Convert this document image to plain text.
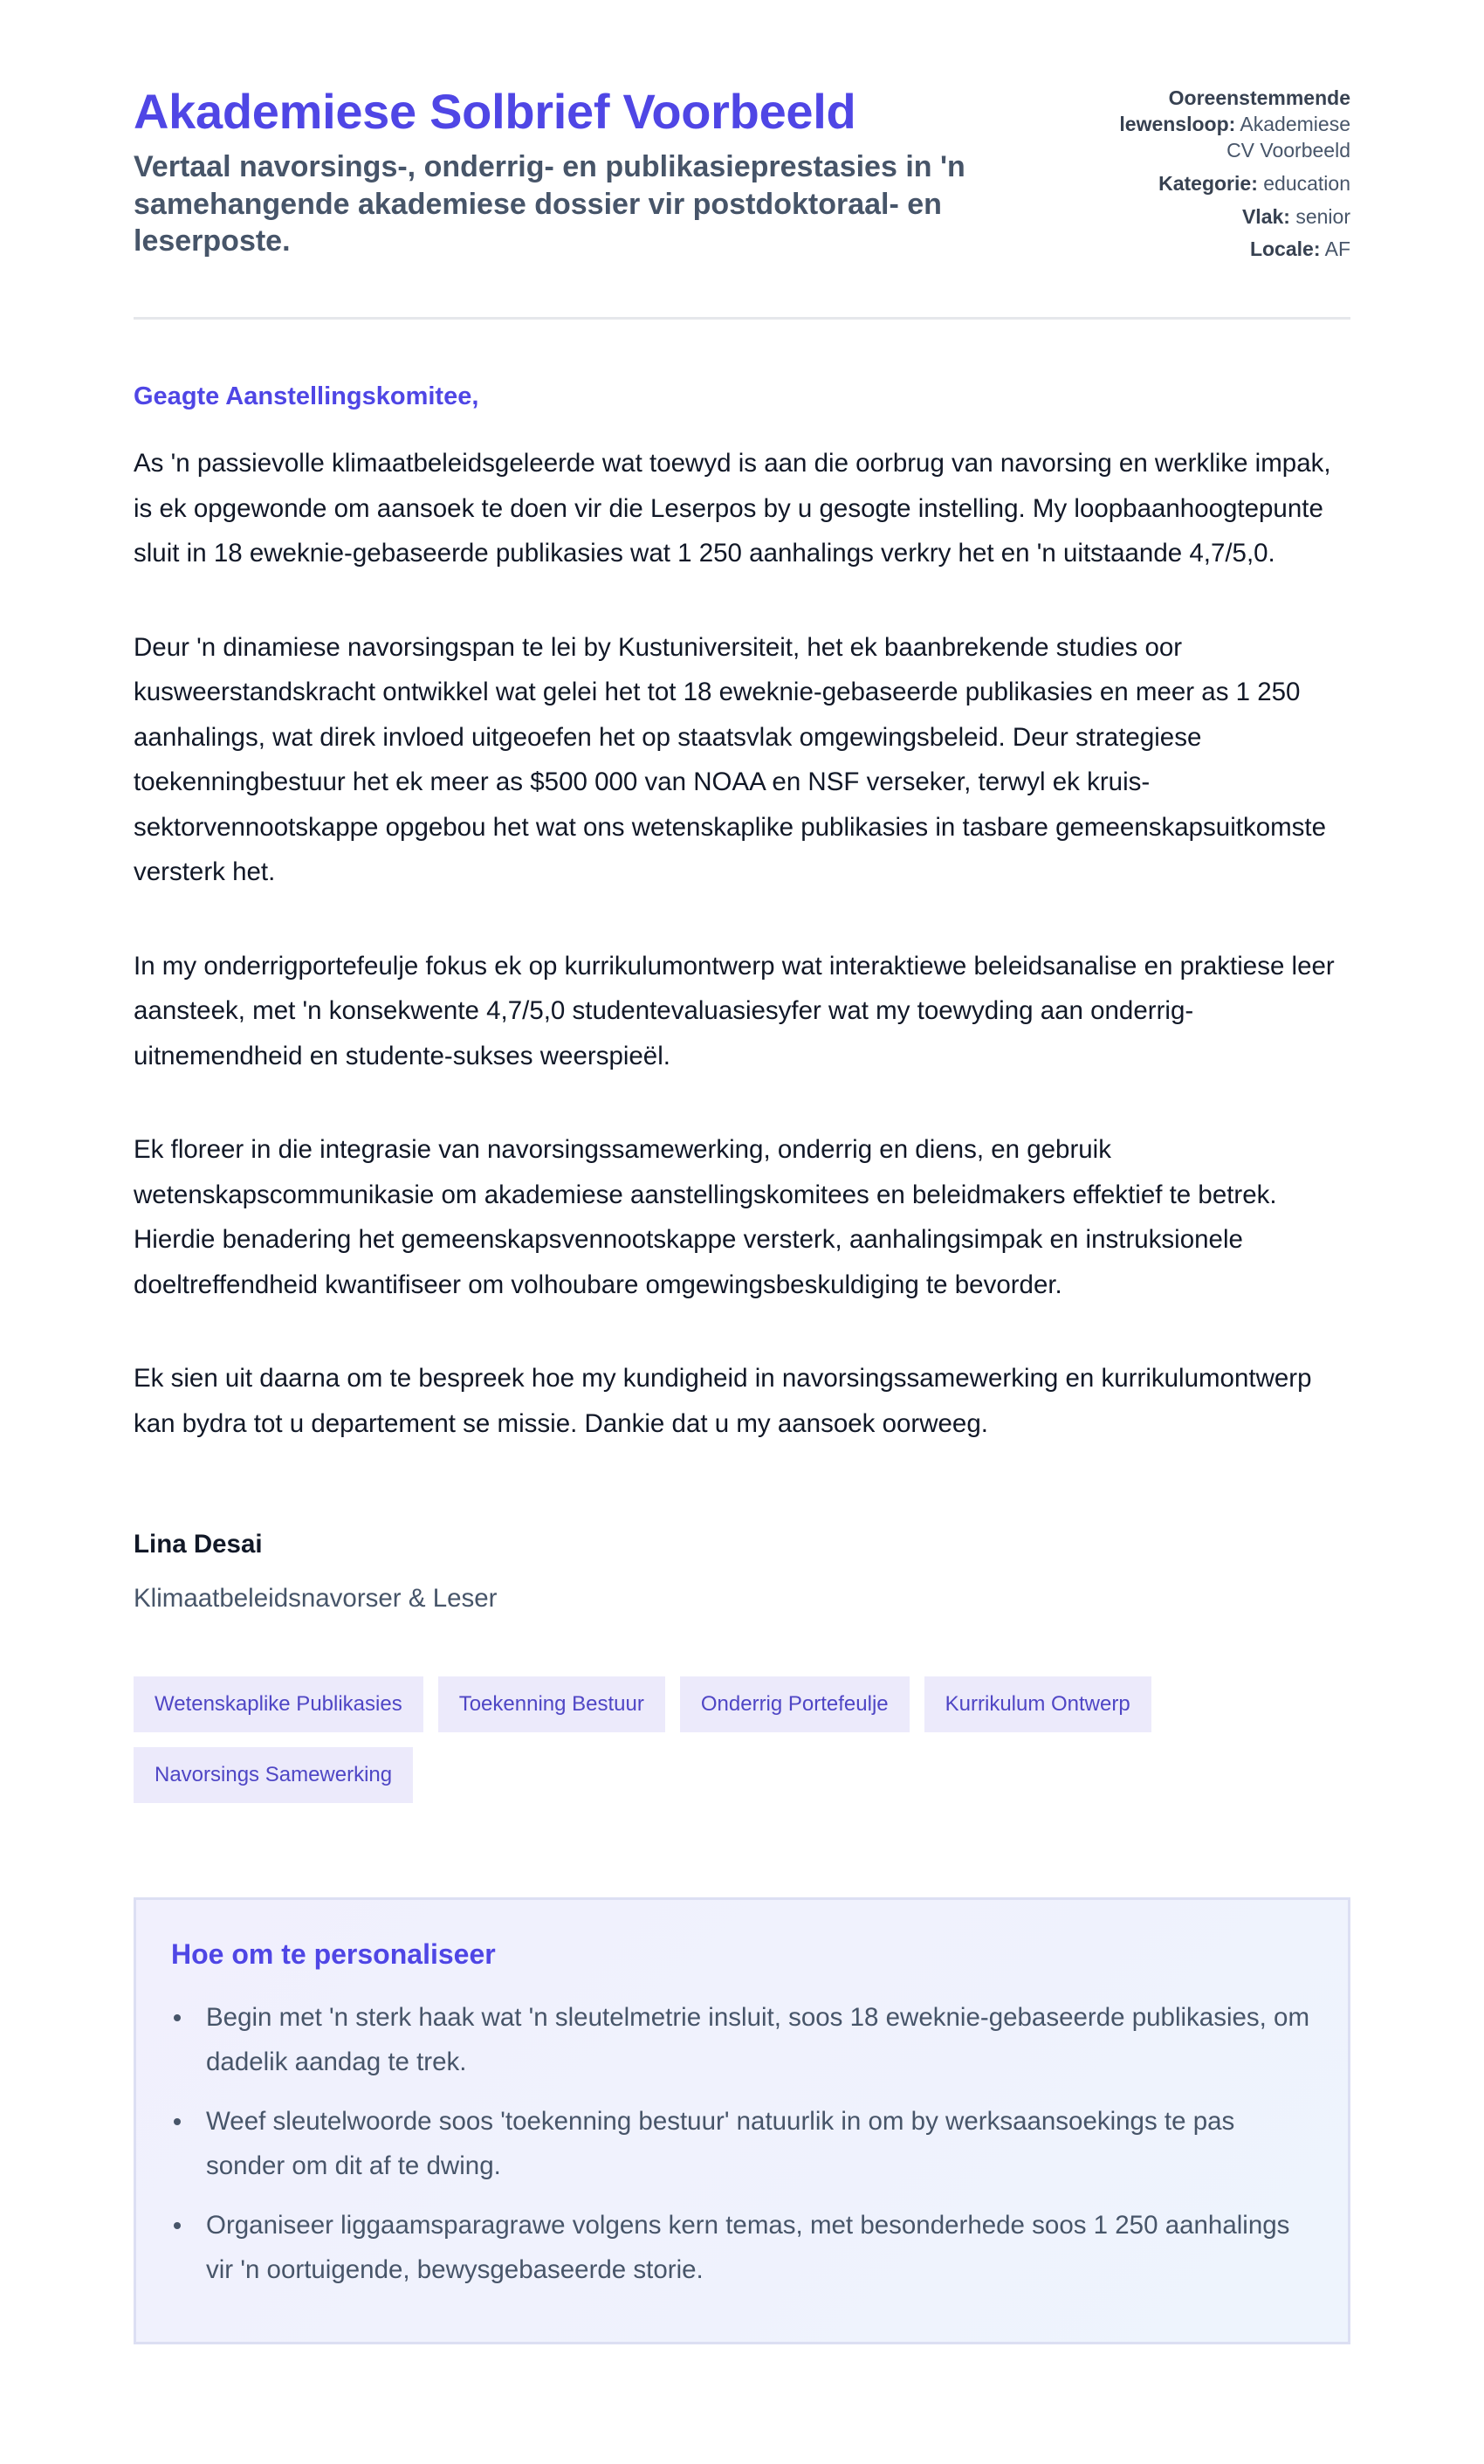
Akademiese Solbrief Voorbeeld
Vertaal navorsings-, onderrig- en publikasieprestasies in 'n samehangende akademiese dossier vir postdoktoraal- en leserposte.
Ooreenstemmende lewensloop: Akademiese CV Voorbeeld
Kategorie: education
Vlak: senior
Locale: AF

Geagte Aanstellingskomitee,

As 'n passievolle klimaatbeleidsgeleerde wat toewyd is aan die oorbrug van navorsing en werklike impak, is ek opgewonde om aansoek te doen vir die Leserpos by u gesogte instelling. My loopbaanhoogtepunte sluit in 18 eweknie-gebaseerde publikasies wat 1 250 aanhalings verkry het en 'n uitstaande 4,7/5,0.

Deur 'n dinamiese navorsingspan te lei by Kustuniversiteit, het ek baanbrekende studies oor kusweerstandskracht ontwikkel wat gelei het tot 18 eweknie-gebaseerde publikasies en meer as 1 250 aanhalings, wat direk invloed uitgeoefen het op staatsvlak omgewingsbeleid. Deur strategiese toekenningbestuur het ek meer as $500 000 van NOAA en NSF verseker, terwyl ek kruis-sektorvennootskappe opgebou het wat ons wetenskaplike publikasies in tasbare gemeenskapsuitkomste versterk het.

In my onderrigportefeulje fokus ek op kurrikulumontwerp wat interaktiewe beleidsanalise en praktiese leer aansteek, met 'n konsekwente 4,7/5,0 studentevaluasiesyfer wat my toewyding aan onderrig-uitnemendheid en studente-sukses weerspieël.

Ek floreer in die integrasie van navorsingssamewerking, onderrig en diens, en gebruik wetenskapscommunikasie om akademiese aanstellingskomitees en beleidmakers effektief te betrek. Hierdie benadering het gemeenskapsvennootskappe versterk, aanhalingsimpak en instruksionele doeltreffendheid kwantifiseer om volhoubare omgewingsbeskuldiging te bevorder.

Ek sien uit daarna om te bespreek hoe my kundigheid in navorsingssamewerking en kurrikulumontwerp kan bydra tot u departement se missie. Dankie dat u my aansoek oorweeg.

Lina Desai
Klimaatbeleidsnavorser & Leser
Wetenskaplike Publikasies	Toekenning Bestuur	Onderrig Portefeulje	Kurrikulum Ontwerp
Navorsings Samewerking
Hoe om te personaliseer
Begin met 'n sterk haak wat 'n sleutelmetrie insluit, soos 18 eweknie-gebaseerde publikasies, om dadelik aandag te trek.
Weef sleutelwoorde soos 'toekenning bestuur' natuurlik in om by werksaansoekings te pas sonder om dit af te dwing.
Organiseer liggaamsparagrawe volgens kern temas, met besonderhede soos 1 250 aanhalings vir 'n oortuigende, bewysgebaseerde storie.
